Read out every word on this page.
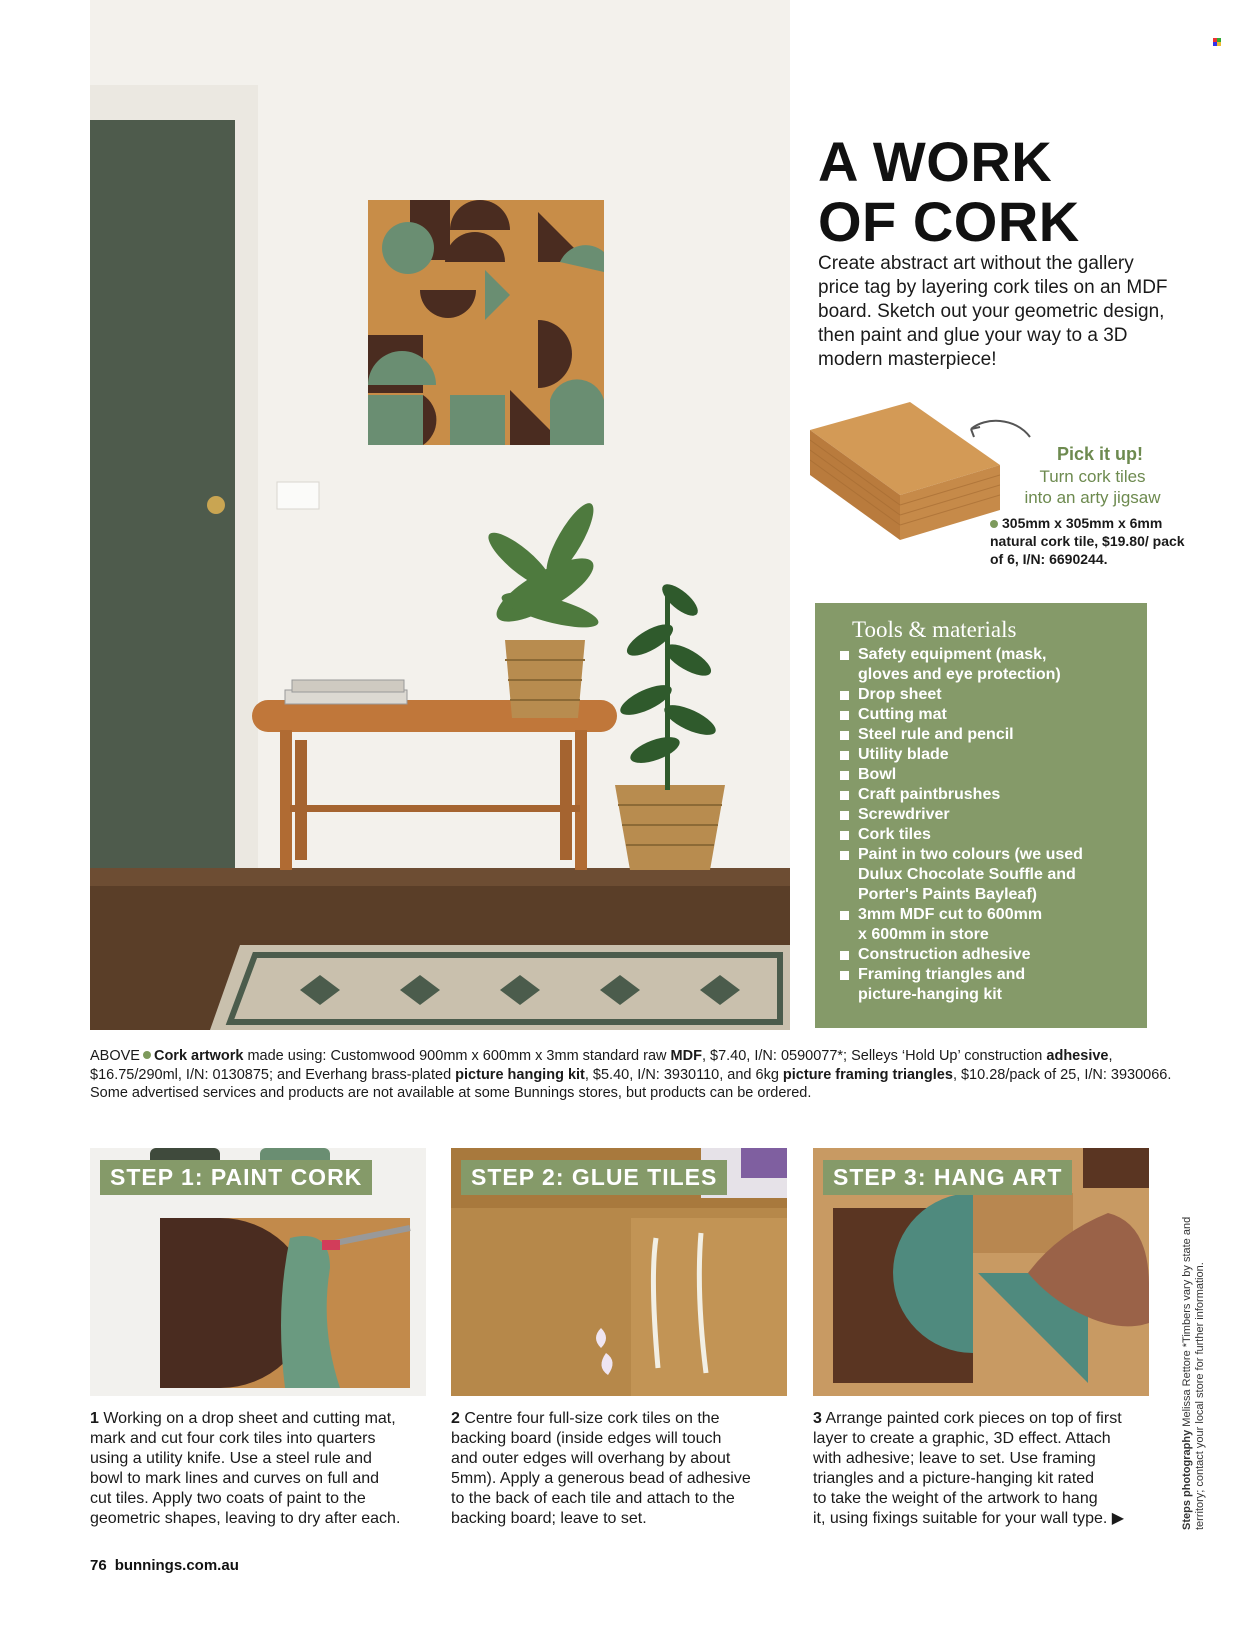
A WORK
OF CORK

Create abstract art without the gallery price tag by layering cork tiles on an MDF board. Sketch out your geometric design, then paint and glue your way to a 3D modern masterpiece!

Pick it up!
Turn cork tiles
into an arty jigsaw
305mm x 305mm x 6mm natural cork tile, $19.80/ pack of 6, I/N: 6690244.
Tools & materials
Safety equipment (mask,
gloves and eye protection)
Drop sheet
Cutting mat
Steel rule and pencil
Utility blade
Bowl
Craft paintbrushes
Screwdriver
Cork tiles
Paint in two colours (we used
Dulux Chocolate Souffle and
Porter's Paints Bayleaf)
3mm MDF cut to 600mm
x 600mm in store
Construction adhesive
Framing triangles and
picture-hanging kit

ABOVE Cork artwork made using: Customwood 900mm x 600mm x 3mm standard raw MDF, $7.40, I/N: 0590077*; Selleys ‘Hold Up’ construction adhesive, $16.75/290ml, I/N: 0130875; and Everhang brass-plated picture hanging kit, $5.40, I/N: 3930110, and 6kg picture framing triangles, $10.28/pack of 25, I/N: 3930066. Some advertised services and products are not available at some Bunnings stores, but products can be ordered.

STEP 1: PAINT CORK	STEP 2: GLUE TILES	STEP 3: HANG ART

1 Working on a drop sheet and cutting mat,
mark and cut four cork tiles into quarters
using a utility knife. Use a steel rule and
bowl to mark lines and curves on full and
cut tiles. Apply two coats of paint to the
geometric shapes, leaving to dry after each.

2 Centre four full-size cork tiles on the
backing board (inside edges will touch
and outer edges will overhang by about
5mm). Apply a generous bead of adhesive
to the back of each tile and attach to the
backing board; leave to set.

3 Arrange painted cork pieces on top of first
layer to create a graphic, 3D effect. Attach
with adhesive; leave to set. Use framing
triangles and a picture-hanging kit rated
to take the weight of the artwork to hang
it, using fixings suitable for your wall type. ▶	Steps photography Melissa Rettore *Timbers vary by state and territory; contact your local store for further information.
76 bunnings.com.au
